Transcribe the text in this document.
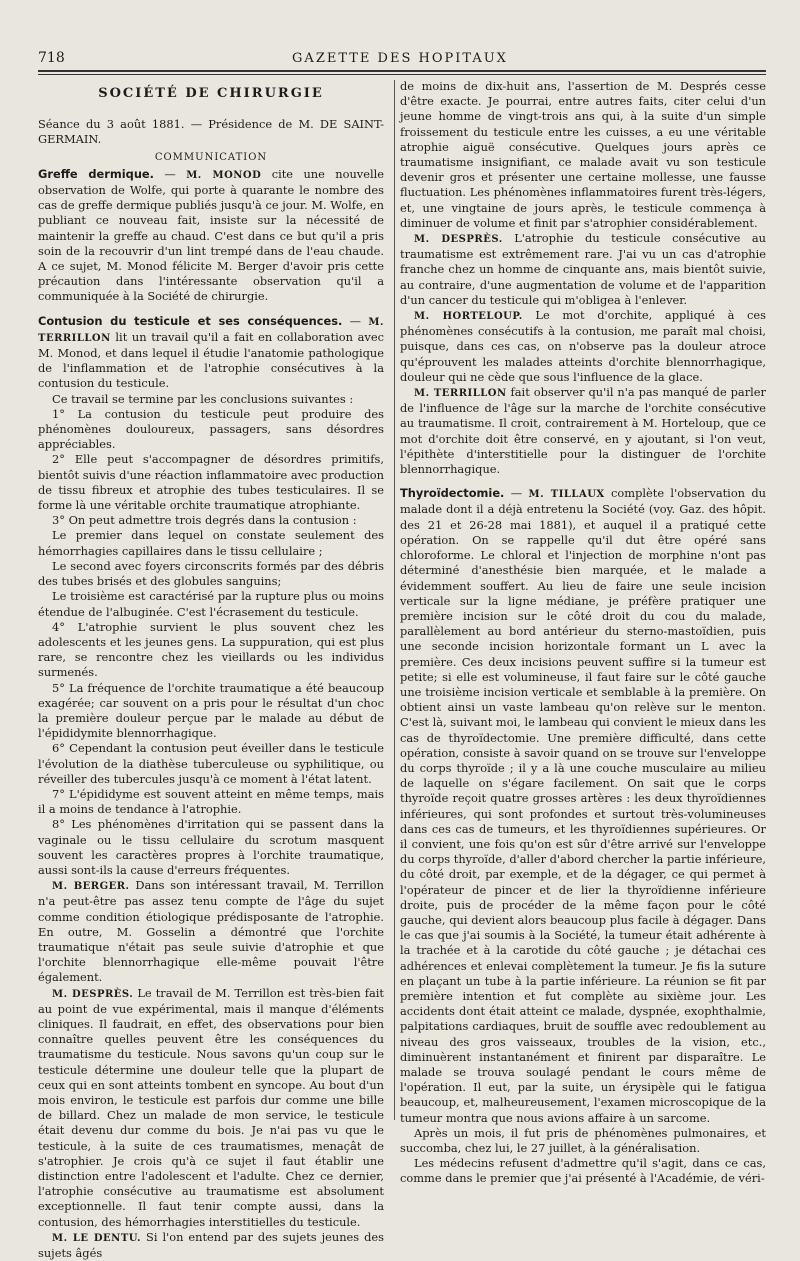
718	GAZETTE DES HOPITAUX
SOCIÉTÉ DE CHIRURGIE

Séance du 3 août 1881. — Présidence de M. DE SAINT-GERMAIN.

COMMUNICATION

Greffe dermique. — M. MONOD cite une nouvelle observation de Wolfe, qui porte à quarante le nombre des cas de greffe dermique publiés jusqu'à ce jour. M. Wolfe, en publiant ce nouveau fait, insiste sur la nécessité de maintenir la greffe au chaud. C'est dans ce but qu'il a pris soin de la recouvrir d'un lint trempé dans de l'eau chaude. A ce sujet, M. Monod félicite M. Berger d'avoir pris cette précaution dans l'intéressante observation qu'il a communiquée à la Société de chirurgie.

Contusion du testicule et ses conséquences. — M. TERRILLON lit un travail qu'il a fait en collaboration avec M. Monod, et dans lequel il étudie l'anatomie pathologique de l'inflammation et de l'atrophie consécutives à la contusion du testicule.

Ce travail se termine par les conclusions suivantes :

1° La contusion du testicule peut produire des phénomènes douloureux, passagers, sans désordres appréciables.

2° Elle peut s'accompagner de désordres primitifs, bientôt suivis d'une réaction inflammatoire avec production de tissu fibreux et atrophie des tubes testiculaires. Il se forme là une véritable orchite traumatique atrophiante.

3° On peut admettre trois degrés dans la contusion :

Le premier dans lequel on constate seulement des hémorrhagies capillaires dans le tissu cellulaire ;

Le second avec foyers circonscrits formés par des débris des tubes brisés et des globules sanguins;

Le troisième est caractérisé par la rupture plus ou moins étendue de l'albuginée. C'est l'écrasement du testicule.

4° L'atrophie survient le plus souvent chez les adolescents et les jeunes gens. La suppuration, qui est plus rare, se rencontre chez les vieillards ou les individus surmenés.

5° La fréquence de l'orchite traumatique a été beaucoup exagérée; car souvent on a pris pour le résultat d'un choc la première douleur perçue par le malade au début de l'épididymite blennorrhagique.

6° Cependant la contusion peut éveiller dans le testicule l'évolution de la diathèse tuberculeuse ou syphilitique, ou réveiller des tubercules jusqu'à ce moment à l'état latent.

7° L'épididyme est souvent atteint en même temps, mais il a moins de tendance à l'atrophie.

8° Les phénomènes d'irritation qui se passent dans la vaginale ou le tissu cellulaire du scrotum masquent souvent les caractères propres à l'orchite traumatique, aussi sont-ils la cause d'erreurs fréquentes.

M. BERGER. Dans son intéressant travail, M. Terrillon n'a peut-être pas assez tenu compte de l'âge du sujet comme condition étiologique prédisposante de l'atrophie. En outre, M. Gosselin a démontré que l'orchite traumatique n'était pas seule suivie d'atrophie et que l'orchite blennorrhagique elle-même pouvait l'être également.

M. DESPRÈS. Le travail de M. Terrillon est très-bien fait au point de vue expérimental, mais il manque d'éléments cliniques. Il faudrait, en effet, des observations pour bien connaître quelles peuvent être les conséquences du traumatisme du testicule. Nous savons qu'un coup sur le testicule détermine une douleur telle que la plupart de ceux qui en sont atteints tombent en syncope. Au bout d'un mois environ, le testicule est parfois dur comme une bille de billard. Chez un malade de mon service, le testicule était devenu dur comme du bois. Je n'ai pas vu que le testicule, à la suite de ces traumatismes, menaçât de s'atrophier. Je crois qu'à ce sujet il faut établir une distinction entre l'adolescent et l'adulte. Chez ce dernier, l'atrophie consécutive au traumatisme est absolument exceptionnelle. Il faut tenir compte aussi, dans la contusion, des hémorrhagies interstitielles du testicule.

M. LE DENTU. Si l'on entend par des sujets jeunes des sujets âgés

de moins de dix-huit ans, l'assertion de M. Després cesse d'être exacte. Je pourrai, entre autres faits, citer celui d'un jeune homme de vingt-trois ans qui, à la suite d'un simple froissement du testicule entre les cuisses, a eu une véritable atrophie aiguë consécutive. Quelques jours après ce traumatisme insignifiant, ce malade avait vu son testicule devenir gros et présenter une certaine mollesse, une fausse fluctuation. Les phénomènes inflammatoires furent très-légers, et, une vingtaine de jours après, le testicule commença à diminuer de volume et finit par s'atrophier considérablement.

M. DESPRÈS. L'atrophie du testicule consécutive au traumatisme est extrêmement rare. J'ai vu un cas d'atrophie franche chez un homme de cinquante ans, mais bientôt suivie, au contraire, d'une augmentation de volume et de l'apparition d'un cancer du testicule qui m'obligea à l'enlever.

M. HORTELOUP. Le mot d'orchite, appliqué à ces phénomènes consécutifs à la contusion, me paraît mal choisi, puisque, dans ces cas, on n'observe pas la douleur atroce qu'éprouvent les malades atteints d'orchite blennorrhagique, douleur qui ne cède que sous l'influence de la glace.

M. TERRILLON fait observer qu'il n'a pas manqué de parler de l'influence de l'âge sur la marche de l'orchite consécutive au traumatisme. Il croit, contrairement à M. Horteloup, que ce mot d'orchite doit être conservé, en y ajoutant, si l'on veut, l'épithète d'interstitielle pour la distinguer de l'orchite blennorrhagique.

Thyroïdectomie. — M. TILLAUX complète l'observation du malade dont il a déjà entretenu la Société (voy. Gaz. des hôpit. des 21 et 26-28 mai 1881), et auquel il a pratiqué cette opération. On se rappelle qu'il dut être opéré sans chloroforme. Le chloral et l'injection de morphine n'ont pas déterminé d'anesthésie bien marquée, et le malade a évidemment souffert. Au lieu de faire une seule incision verticale sur la ligne médiane, je préfère pratiquer une première incision sur le côté droit du cou du malade, parallèlement au bord antérieur du sterno-mastoïdien, puis une seconde incision horizontale formant un L avec la première. Ces deux incisions peuvent suffire si la tumeur est petite; si elle est volumineuse, il faut faire sur le côté gauche une troisième incision verticale et semblable à la première. On obtient ainsi un vaste lambeau qu'on relève sur le menton. C'est là, suivant moi, le lambeau qui convient le mieux dans les cas de thyroïdectomie. Une première difficulté, dans cette opération, consiste à savoir quand on se trouve sur l'enveloppe du corps thyroïde ; il y a là une couche musculaire au milieu de laquelle on s'égare facilement. On sait que le corps thyroïde reçoit quatre grosses artères : les deux thyroïdiennes inférieures, qui sont profondes et surtout très-volumineuses dans ces cas de tumeurs, et les thyroïdiennes supérieures. Or il convient, une fois qu'on est sûr d'être arrivé sur l'enveloppe du corps thyroïde, d'aller d'abord chercher la partie inférieure, du côté droit, par exemple, et de la dégager, ce qui permet à l'opérateur de pincer et de lier la thyroïdienne inférieure droite, puis de procéder de la même façon pour le côté gauche, qui devient alors beaucoup plus facile à dégager. Dans le cas que j'ai soumis à la Société, la tumeur était adhérente à la trachée et à la carotide du côté gauche ; je détachai ces adhérences et enlevai complètement la tumeur. Je fis la suture en plaçant un tube à la partie inférieure. La réunion se fit par première intention et fut complète au sixième jour. Les accidents dont était atteint ce malade, dyspnée, exophthalmie, palpitations cardiaques, bruit de souffle avec redoublement au niveau des gros vaisseaux, troubles de la vision, etc., diminuèrent instantanément et finirent par disparaître. Le malade se trouva soulagé pendant le cours même de l'opération. Il eut, par la suite, un érysipèle qui le fatigua beaucoup, et, malheureusement, l'examen microscopique de la tumeur montra que nous avions affaire à un sarcome.

Après un mois, il fut pris de phénomènes pulmonaires, et succomba, chez lui, le 27 juillet, à la généralisation.

Les médecins refusent d'admettre qu'il s'agit, dans ce cas, comme dans le premier que j'ai présenté à l'Académie, de véri-
